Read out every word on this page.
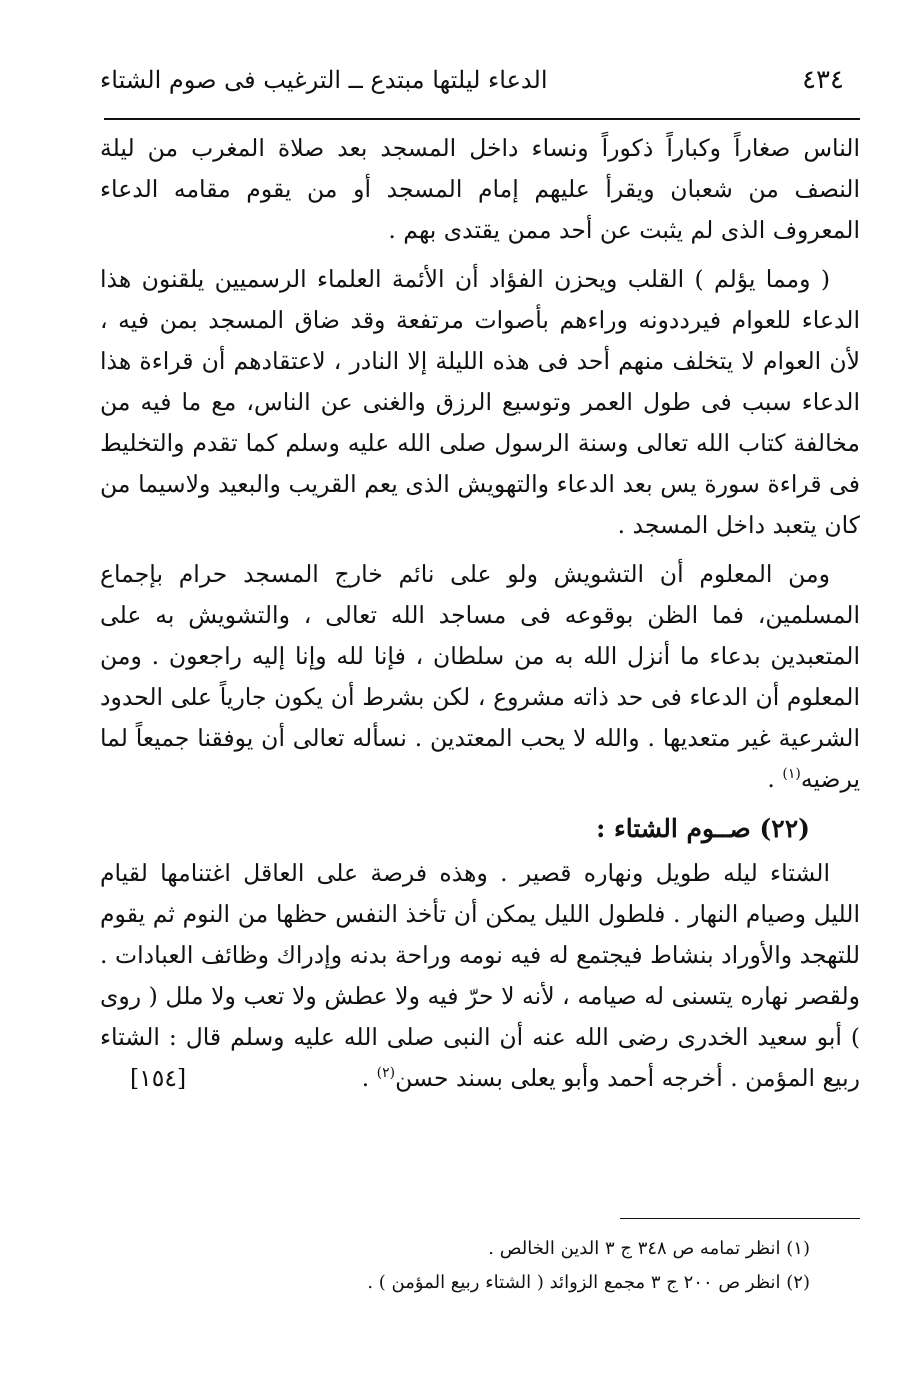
٤٣٤
الدعاء ليلتها مبتدع ــ الترغيب فى صوم الشتاء

الناس صغاراً وكباراً ذكوراً ونساء داخل المسجد بعد صلاة المغرب من ليلة النصف من شعبان ويقرأ عليهم إمام المسجد أو من يقوم مقامه الدعاء المعروف الذى لم يثبت عن أحد ممن يقتدى بهم .

( ومما يؤلم ) القلب ويحزن الفؤاد أن الأئمة العلماء الرسميين يلقنون هذا الدعاء للعوام فيرددونه وراءهم بأصوات مرتفعة وقد ضاق المسجد بمن فيه ، لأن العوام لا يتخلف منهم أحد فى هذه الليلة إلا النادر ، لاعتقادهم أن قراءة هذا الدعاء سبب فى طول العمر وتوسيع الرزق والغنى عن الناس، مع ما فيه من مخالفة كتاب الله تعالى وسنة الرسول صلى الله عليه وسلم كما تقدم والتخليط فى قراءة سورة يس بعد الدعاء والتهويش الذى يعم القريب والبعيد ولاسيما من كان يتعبد داخل المسجد .

ومن المعلوم أن التشويش ولو على نائم خارج المسجد حرام بإجماع المسلمين، فما الظن بوقوعه فى مساجد الله تعالى ، والتشويش به على المتعبدين بدعاء ما أنزل الله به من سلطان ، فإنا لله وإنا إليه راجعون . ومن المعلوم أن الدعاء فى حد ذاته مشروع ، لكن بشرط أن يكون جارياً على الحدود الشرعية غير متعديها . والله لا يحب المعتدين . نسأله تعالى أن يوفقنا جميعاً لما يرضيه$^{(١)}$ .

(٢٢) صــوم الشتاء :

الشتاء ليله طويل ونهاره قصير . وهذه فرصة على العاقل اغتنامها لقيام الليل وصيام النهار . فلطول الليل يمكن أن تأخذ النفس حظها من النوم ثم يقوم للتهجد والأوراد بنشاط فيجتمع له فيه نومه وراحة بدنه وإدراك وظائف العبادات . ولقصر نهاره يتسنى له صيامه ، لأنه لا حرّ فيه ولا عطش ولا تعب ولا ملل ( روى ) أبو سعيد الخدرى رضى الله عنه أن النبى صلى الله عليه وسلم قال : الشتاء ربيع المؤمن . أخرجه أحمد وأبو يعلى بسند حسن$^{(٢)}$ .
[١٥٤]

(١) انظر تمامه ص ٣٤٨ ج ٣ الدين الخالص .

(٢) انظر ص ٢٠٠ ج ٣ مجمع الزوائد ( الشتاء ربيع المؤمن ) .
